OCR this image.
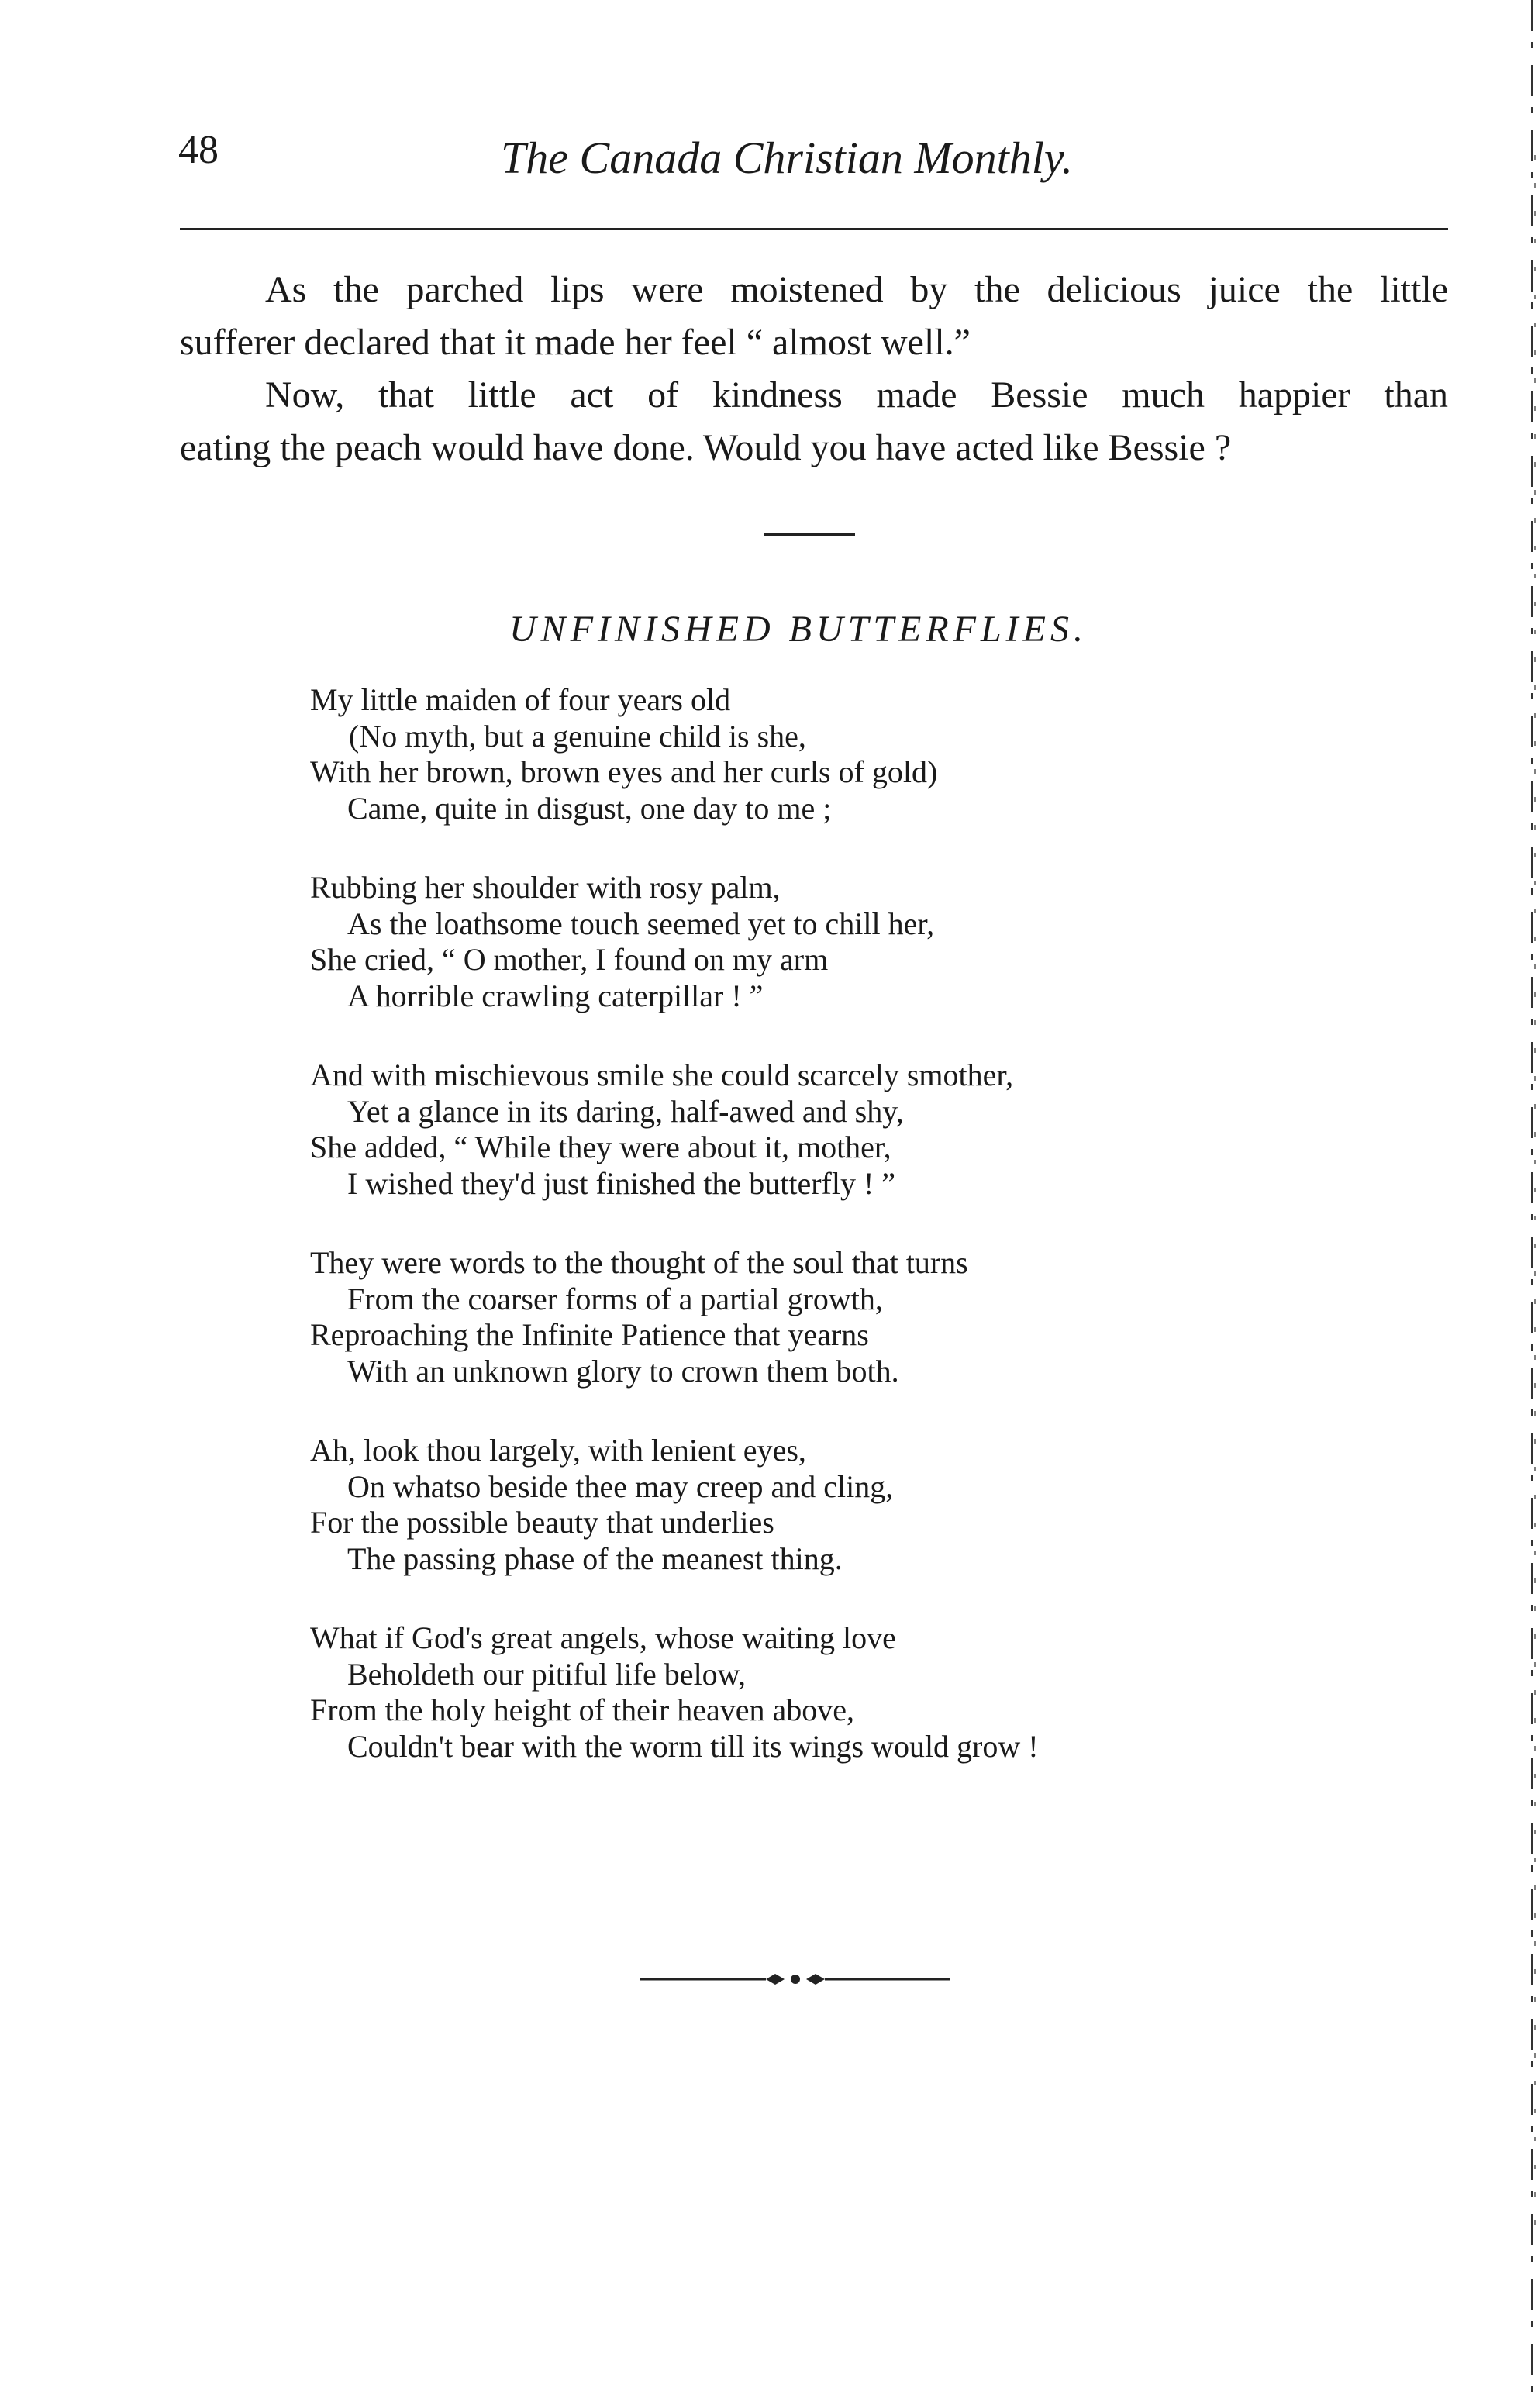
48	The Canada Christian Monthly.
As the parched lips were moistened by the delicious juice the little
sufferer declared that it made her feel “ almost well.”
Now, that little act of kindness made Bessie much happier than
eating the peach would have done. Would you have acted like Bessie ?
UNFINISHED BUTTERFLIES.
My little maiden of four years old
(No myth, but a genuine child is she,
With her brown, brown eyes and her curls of gold)
Came, quite in disgust, one day to me ;
Rubbing her shoulder with rosy palm,
As the loathsome touch seemed yet to chill her,
She cried, “ O mother, I found on my arm
A horrible crawling caterpillar ! ”
And with mischievous smile she could scarcely smother,
Yet a glance in its daring, half-awed and shy,
She added, “ While they were about it, mother,
I wished they'd just finished the butterfly ! ”
They were words to the thought of the soul that turns
From the coarser forms of a partial growth,
Reproaching the Infinite Patience that yearns
With an unknown glory to crown them both.
Ah, look thou largely, with lenient eyes,
On whatso beside thee may creep and cling,
For the possible beauty that underlies
The passing phase of the meanest thing.
What if God's great angels, whose waiting love
Beholdeth our pitiful life below,
From the holy height of their heaven above,
Couldn't bear with the worm till its wings would grow !
